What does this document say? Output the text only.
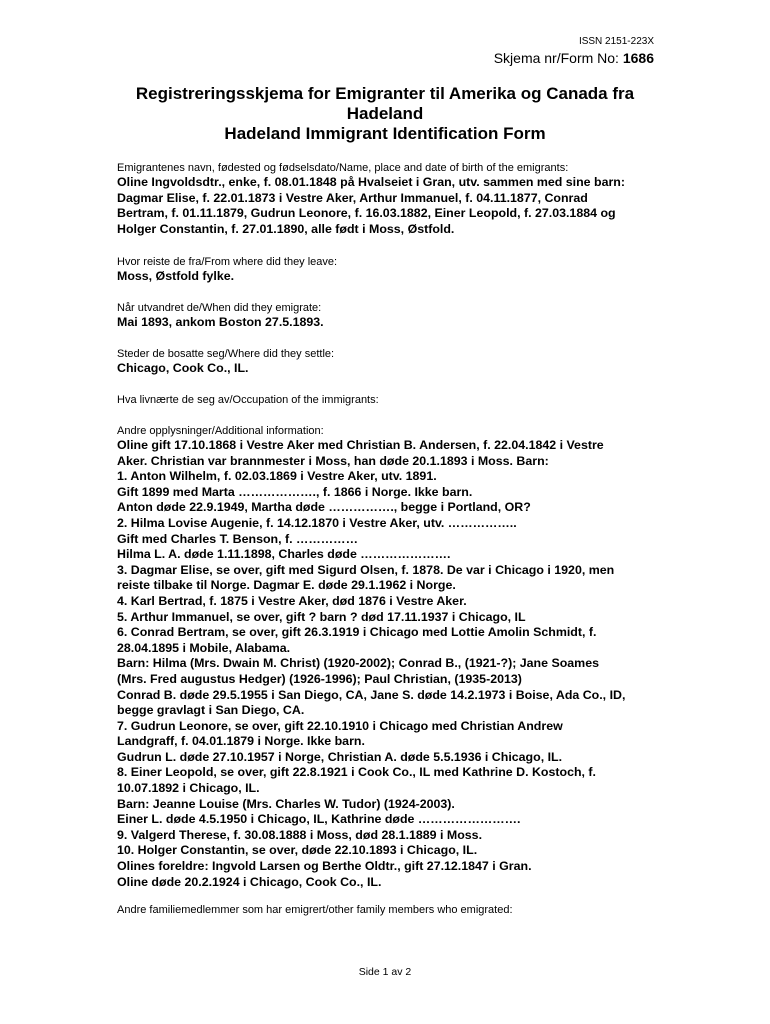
ISSN 2151-223X
Skjema nr/Form No: 1686
Registreringsskjema for Emigranter til Amerika og Canada fra
Hadeland
Hadeland Immigrant Identification Form
Emigrantenes navn, fødested og fødselsdato/Name, place and date of birth of the emigrants:
Oline Ingvoldsdtr., enke, f. 08.01.1848 på Hvalseiet i Gran, utv. sammen med sine barn:
Dagmar Elise, f. 22.01.1873 i Vestre Aker, Arthur Immanuel, f. 04.11.1877, Conrad
Bertram, f. 01.11.1879, Gudrun Leonore, f. 16.03.1882, Einer Leopold, f. 27.03.1884 og
Holger Constantin, f. 27.01.1890, alle født i Moss, Østfold.
Hvor reiste de fra/From where did they leave:
Moss, Østfold fylke.
Når utvandret de/When did they emigrate:
Mai 1893, ankom Boston 27.5.1893.
Steder de bosatte seg/Where did they settle:
Chicago, Cook Co., IL.
Hva livnærte de seg av/Occupation of the immigrants:
Andre opplysninger/Additional information:
Oline gift 17.10.1868 i Vestre Aker med Christian B. Andersen, f. 22.04.1842 i Vestre
Aker. Christian var brannmester i Moss, han døde 20.1.1893 i Moss. Barn:
1. Anton Wilhelm, f. 02.03.1869 i Vestre Aker, utv. 1891.
Gift 1899 med Marta ………………., f. 1866 i Norge. Ikke barn.
Anton døde 22.9.1949, Martha døde ……………., begge i Portland, OR?
2. Hilma Lovise Augenie, f. 14.12.1870 i Vestre Aker, utv. ……………..
Gift med Charles T. Benson, f. ……………
Hilma L. A. døde 1.11.1898, Charles døde ………………….
3. Dagmar Elise, se over, gift med Sigurd Olsen, f. 1878. De var i Chicago i 1920, men
reiste tilbake til Norge. Dagmar E. døde 29.1.1962 i Norge.
4. Karl Bertrad, f. 1875 i Vestre Aker, død 1876 i Vestre Aker.
5. Arthur Immanuel, se over, gift ? barn ? død 17.11.1937 i Chicago, IL
6. Conrad Bertram, se over, gift 26.3.1919 i Chicago med Lottie Amolin Schmidt, f.
28.04.1895 i Mobile, Alabama.
Barn: Hilma (Mrs. Dwain M. Christ) (1920-2002); Conrad B., (1921-?); Jane Soames
(Mrs. Fred augustus Hedger) (1926-1996); Paul Christian, (1935-2013)
Conrad B. døde 29.5.1955 i San Diego, CA, Jane S. døde 14.2.1973 i Boise, Ada Co., ID,
begge gravlagt i San Diego, CA.
7. Gudrun Leonore, se over, gift 22.10.1910 i Chicago med Christian Andrew
Landgraff, f. 04.01.1879 i Norge. Ikke barn.
Gudrun L. døde 27.10.1957 i Norge, Christian A. døde 5.5.1936 i Chicago, IL.
8. Einer Leopold, se over, gift 22.8.1921 i Cook Co., IL med Kathrine D. Kostoch, f.
10.07.1892 i Chicago, IL.
Barn: Jeanne Louise (Mrs. Charles W. Tudor) (1924-2003).
Einer L. døde 4.5.1950 i Chicago, IL, Kathrine døde …………………….
9. Valgerd Therese, f. 30.08.1888 i Moss, død 28.1.1889 i Moss.
10. Holger Constantin, se over, døde 22.10.1893 i Chicago, IL.
Olines foreldre: Ingvold Larsen og Berthe Oldtr., gift 27.12.1847 i Gran.
Oline døde 20.2.1924 i Chicago, Cook Co., IL.
Andre familiemedlemmer som har emigrert/other family members who emigrated:
Side 1 av 2
